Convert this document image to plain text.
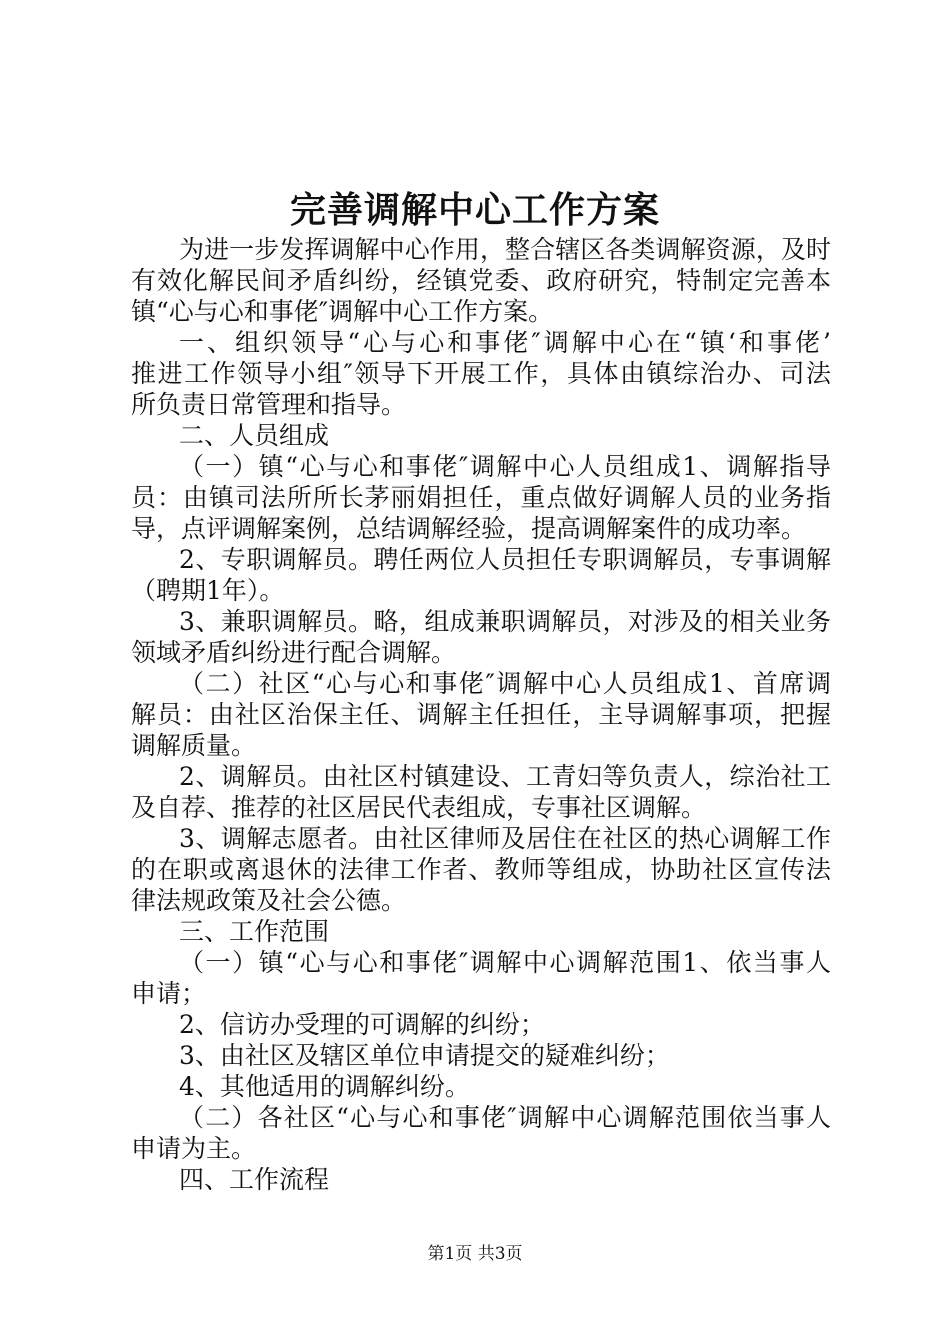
完善调解中心工作方案
为进一步发挥调解中心作用，整合辖区各类调解资源，及时
有效化解民间矛盾纠纷，经镇党委、政府研究，特制定完善本
镇“心与心和事佬″调解中心工作方案。
一、组织领导“心与心和事佬″调解中心在“镇‘和事佬’
推进工作领导小组″领导下开展工作，具体由镇综治办、司法
所负责日常管理和指导。
二、人员组成
（一）镇“心与心和事佬″调解中心人员组成1、调解指导
员：由镇司法所所长茅丽娟担任，重点做好调解人员的业务指
导，点评调解案例，总结调解经验，提高调解案件的成功率。
2、专职调解员。聘任两位人员担任专职调解员，专事调解
（聘期1年）。
3、兼职调解员。略，组成兼职调解员，对涉及的相关业务
领域矛盾纠纷进行配合调解。
（二）社区“心与心和事佬″调解中心人员组成1、首席调
解员：由社区治保主任、调解主任担任，主导调解事项，把握
调解质量。
2、调解员。由社区村镇建设、工青妇等负责人，综治社工
及自荐、推荐的社区居民代表组成，专事社区调解。
3、调解志愿者。由社区律师及居住在社区的热心调解工作
的在职或离退休的法律工作者、教师等组成，协助社区宣传法
律法规政策及社会公德。
三、工作范围
（一）镇“心与心和事佬″调解中心调解范围1、依当事人
申请；
2、信访办受理的可调解的纠纷；
3、由社区及辖区单位申请提交的疑难纠纷；
4、其他适用的调解纠纷。
（二）各社区“心与心和事佬″调解中心调解范围依当事人
申请为主。
四、工作流程
第1页 共3页
